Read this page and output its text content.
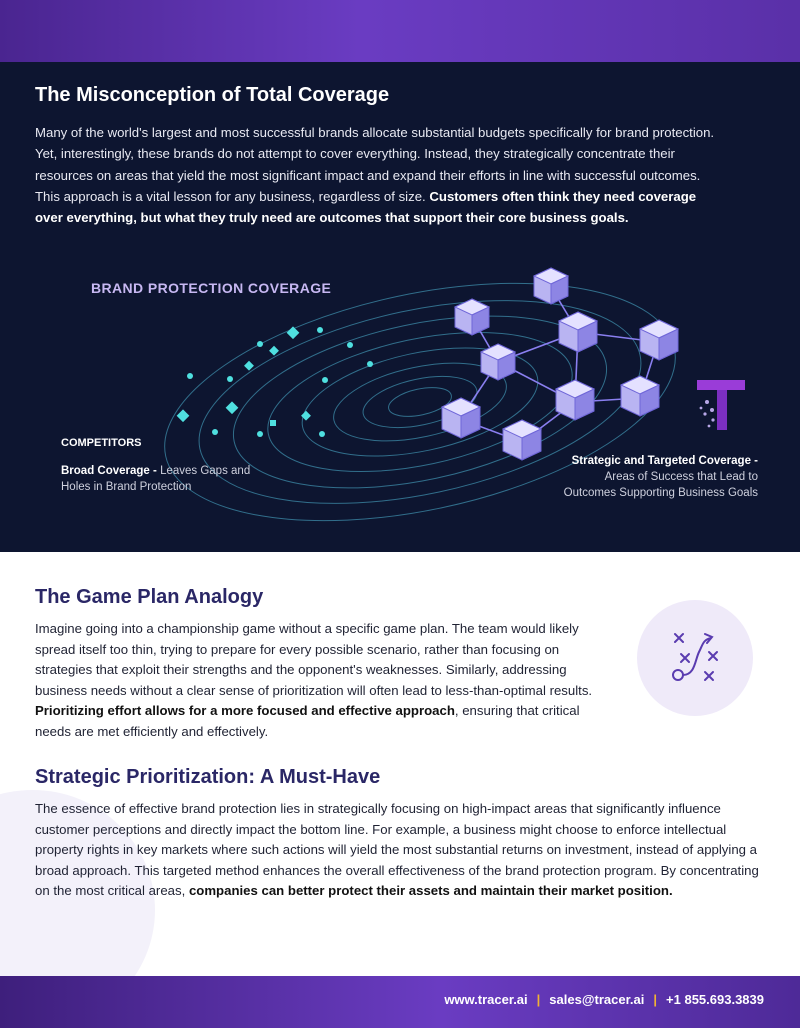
The Misconception of Total Coverage

Many of the world's largest and most successful brands allocate substantial budgets specifically for brand protection. Yet, interestingly, these brands do not attempt to cover everything. Instead, they strategically concentrate their resources on areas that yield the most significant impact and expand their efforts in line with successful outcomes. This approach is a vital lesson for any business, regardless of size. Customers often think they need coverage over everything, but what they truly need are outcomes that support their core business goals.

BRAND PROTECTION COVERAGE
COMPETITORS
Broad Coverage - Leaves Gaps and Holes in Brand Protection
Strategic and Targeted Coverage - Areas of Success that Lead to Outcomes Supporting Business Goals
The Game Plan Analogy

Imagine going into a championship game without a specific game plan. The team would likely spread itself too thin, trying to prepare for every possible scenario, rather than focusing on strategies that exploit their strengths and the opponent's weaknesses. Similarly, addressing business needs without a clear sense of prioritization will often lead to less-than-optimal results. Prioritizing effort allows for a more focused and effective approach, ensuring that critical needs are met efficiently and effectively.

Strategic Prioritization: A Must-Have

The essence of effective brand protection lies in strategically focusing on high-impact areas that significantly influence customer perceptions and directly impact the bottom line. For example, a business might choose to enforce intellectual property rights in key markets where such actions will yield the most substantial returns on investment, instead of applying a broad approach. This targeted method enhances the overall effectiveness of the brand protection program. By concentrating on the most critical areas, companies can better protect their assets and maintain their market position.

www.tracer.ai | sales@tracer.ai | +1 855.693.3839
